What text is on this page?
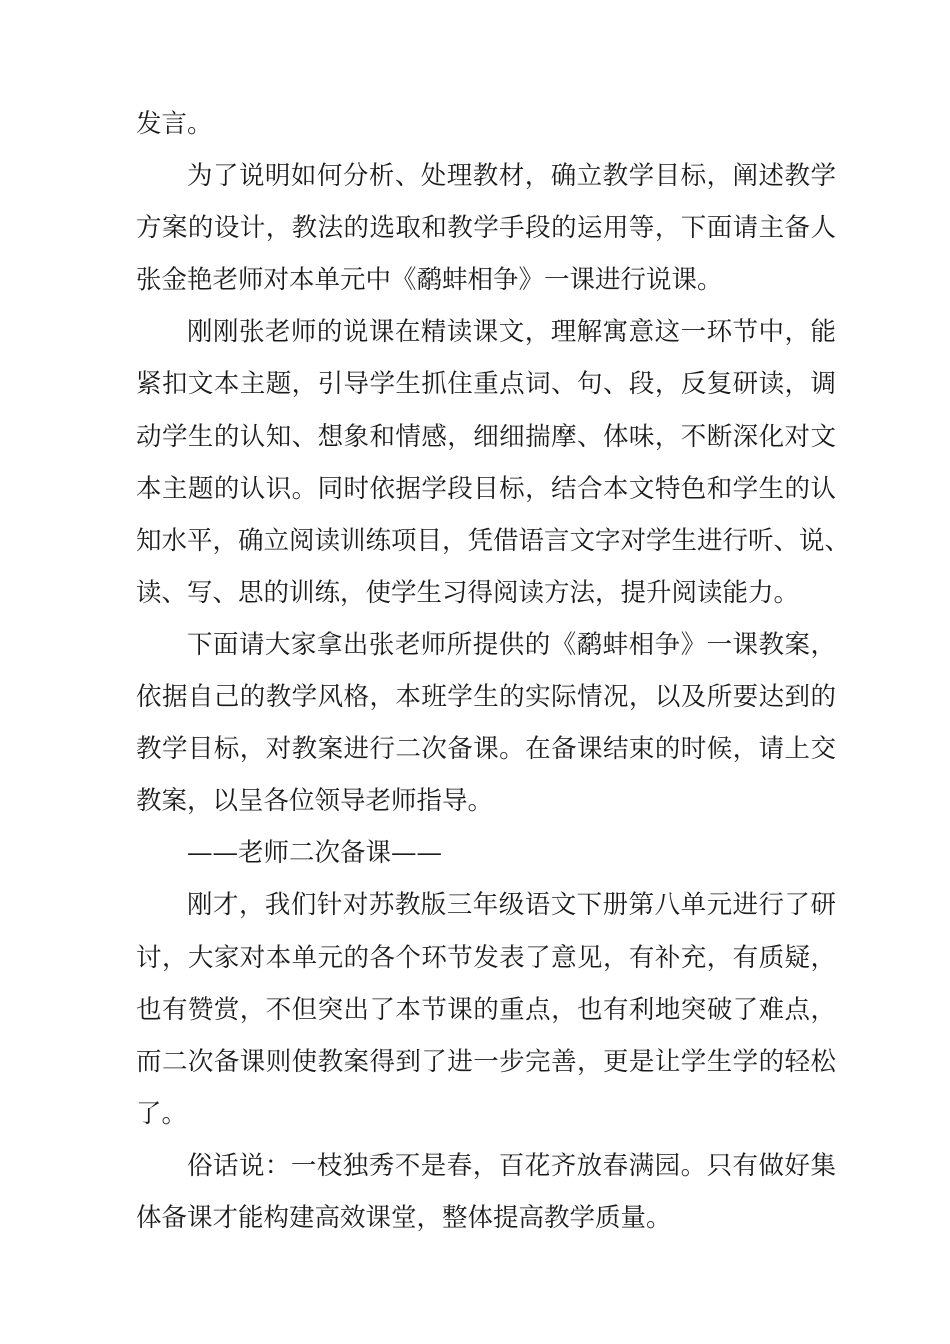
发言。
为了说明如何分析、处理教材，确立教学目标，阐述教学
方案的设计，教法的选取和教学手段的运用等，下面请主备人
张金艳老师对本单元中《鹬蚌相争》一课进行说课。
刚刚张老师的说课在精读课文，理解寓意这一环节中，能
紧扣文本主题，引导学生抓住重点词、句、段，反复研读，调
动学生的认知、想象和情感，细细揣摩、体味，不断深化对文
本主题的认识。同时依据学段目标，结合本文特色和学生的认
知水平，确立阅读训练项目，凭借语言文字对学生进行听、说、
读、写、思的训练，使学生习得阅读方法，提升阅读能力。
下面请大家拿出张老师所提供的《鹬蚌相争》一课教案，
依据自己的教学风格，本班学生的实际情况，以及所要达到的
教学目标，对教案进行二次备课。在备课结束的时候，请上交
教案，以呈各位领导老师指导。
——老师二次备课——
刚才，我们针对苏教版三年级语文下册第八单元进行了研
讨，大家对本单元的各个环节发表了意见，有补充，有质疑，
也有赞赏，不但突出了本节课的重点，也有利地突破了难点，
而二次备课则使教案得到了进一步完善，更是让学生学的轻松
了。
俗话说：一枝独秀不是春，百花齐放春满园。只有做好集
体备课才能构建高效课堂，整体提高教学质量。
